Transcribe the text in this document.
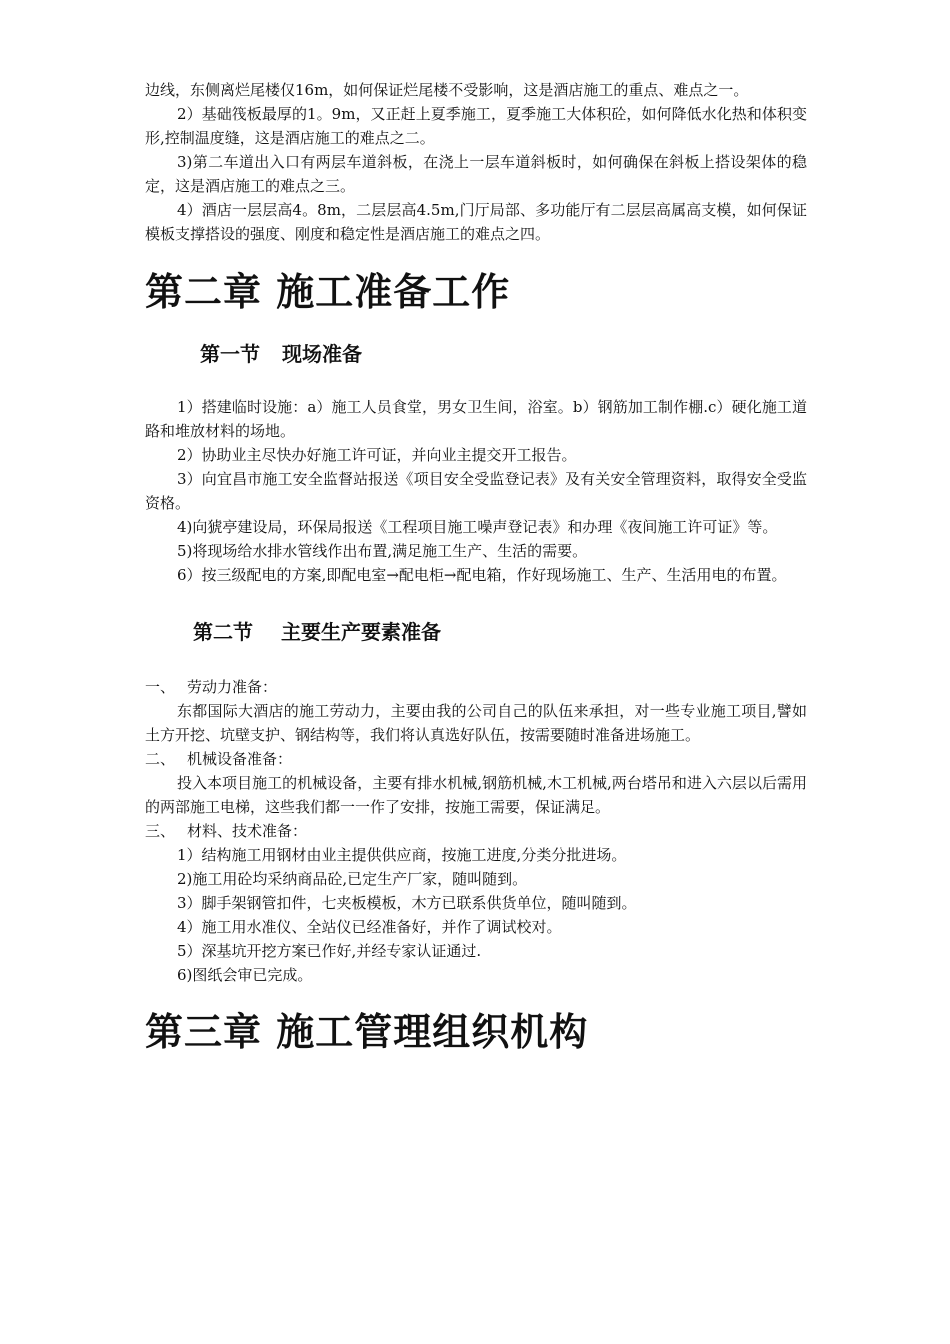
边线，东侧离烂尾楼仅16m，如何保证烂尾楼不受影响，这是酒店施工的重点、难点之一。

2）基础筏板最厚的1。9m，又正赶上夏季施工，夏季施工大体积砼，如何降低水化热和体积变形,控制温度缝，这是酒店施工的难点之二。

3)第二车道出入口有两层车道斜板，在浇上一层车道斜板时，如何确保在斜板上搭设架体的稳定，这是酒店施工的难点之三。

4）酒店一层层高4。8m，二层层高4.5m,门厅局部、多功能厅有二层层高属高支模，如何保证模板支撑搭设的强度、刚度和稳定性是酒店施工的难点之四。

第二章 施工准备工作
第一节 现场准备

1）搭建临时设施：a）施工人员食堂，男女卫生间，浴室。b）钢筋加工制作棚.c）硬化施工道路和堆放材料的场地。

2）协助业主尽快办好施工许可证，并向业主提交开工报告。

3）向宜昌市施工安全监督站报送《项目安全受监登记表》及有关安全管理资料，取得安全受监资格。

4)向猇亭建设局，环保局报送《工程项目施工噪声登记表》和办理《夜间施工许可证》等。

5)将现场给水排水管线作出布置,满足施工生产、生活的需要。

6）按三级配电的方案,即配电室→配电柜→配电箱，作好现场施工、生产、生活用电的布置。

第二节 主要生产要素准备

一、 劳动力准备：

东都国际大酒店的施工劳动力，主要由我的公司自己的队伍来承担，对一些专业施工项目,譬如土方开挖、坑壁支护、钢结构等，我们将认真选好队伍，按需要随时准备进场施工。

二、 机械设备准备：

投入本项目施工的机械设备，主要有排水机械,钢筋机械,木工机械,两台塔吊和进入六层以后需用的两部施工电梯，这些我们都一一作了安排，按施工需要，保证满足。

三、 材料、技术准备：

1）结构施工用钢材由业主提供供应商，按施工进度,分类分批进场。

2)施工用砼均采纳商品砼,已定生产厂家，随叫随到。

3）脚手架钢管扣件，七夹板模板，木方已联系供货单位，随叫随到。

4）施工用水准仪、全站仪已经准备好，并作了调试校对。

5）深基坑开挖方案已作好,并经专家认证通过.

6)图纸会审已完成。

第三章 施工管理组织机构
